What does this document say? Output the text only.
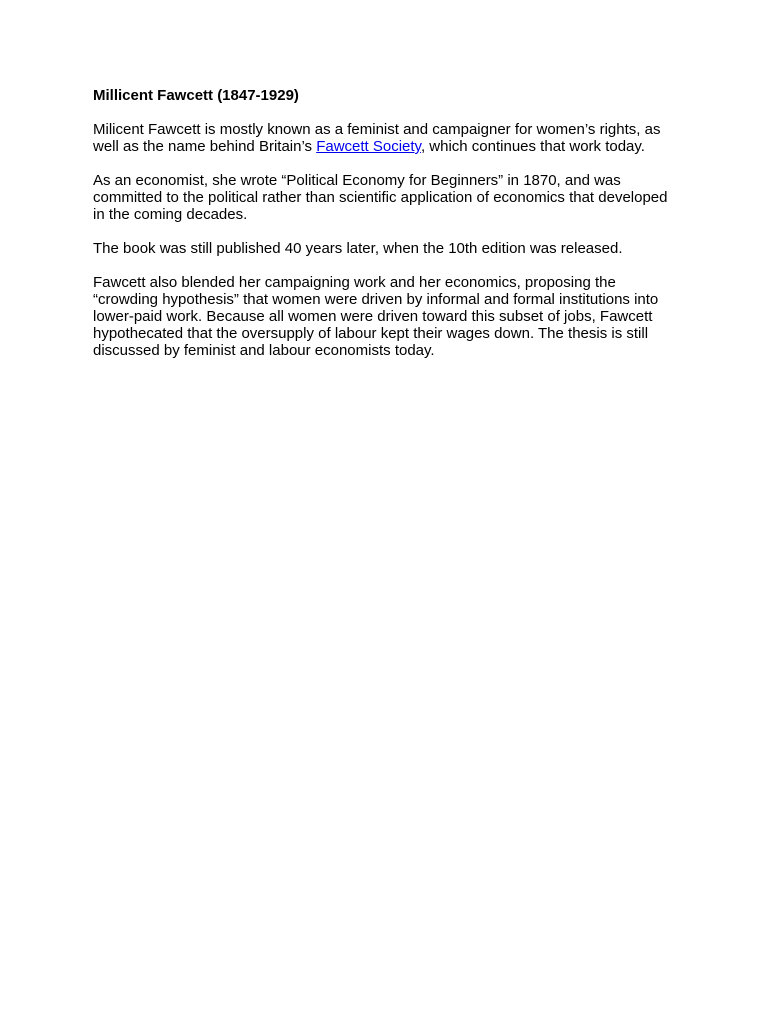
Millicent Fawcett (1847-1929)

Milicent Fawcett is mostly known as a feminist and campaigner for women’s rights, as well as the name behind Britain’s Fawcett Society, which continues that work today.

As an economist, she wrote “Political Economy for Beginners” in 1870, and was committed to the political rather than scientific application of economics that developed in the coming decades.

The book was still published 40 years later, when the 10th edition was released.

Fawcett also blended her campaigning work and her economics, proposing the “crowding hypothesis” that women were driven by informal and formal institutions into lower-paid work. Because all women were driven toward this subset of jobs, Fawcett hypothecated that the oversupply of labour kept their wages down. The thesis is still discussed by feminist and labour economists today.
